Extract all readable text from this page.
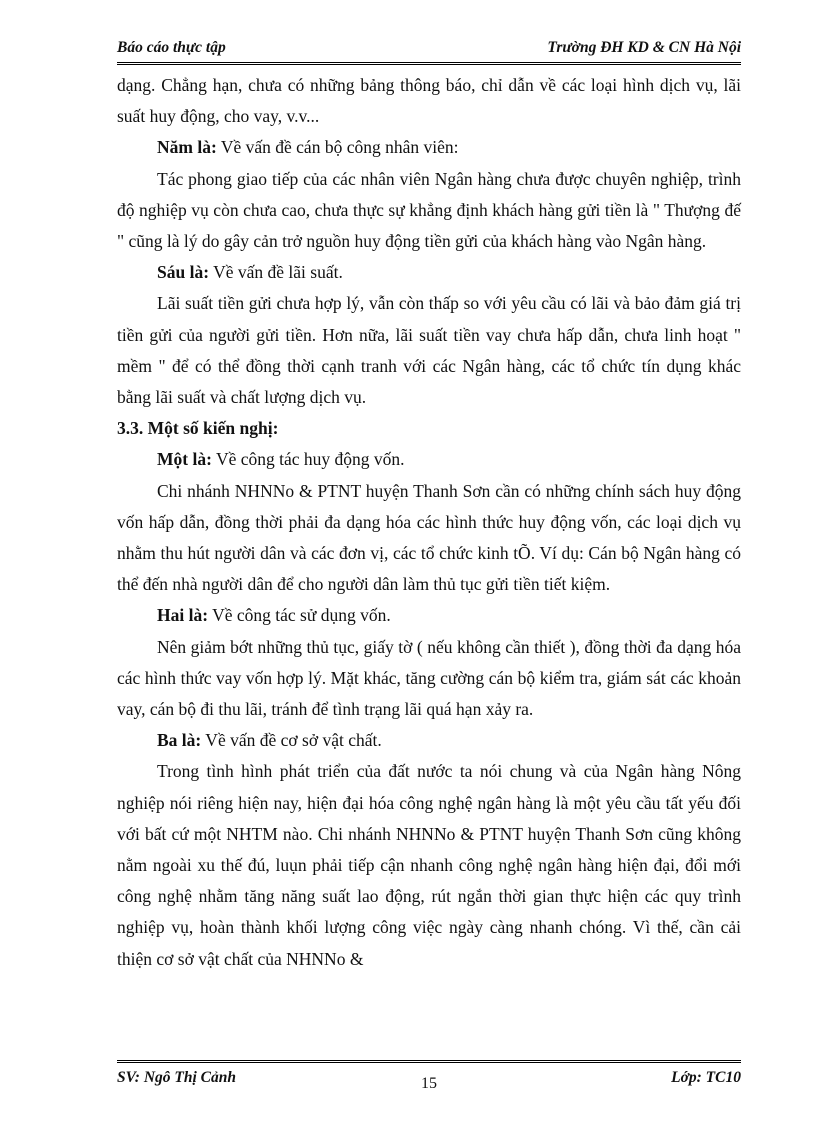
Báo cáo thực tập	Trường ĐH KD & CN Hà Nội

dạng. Chẳng hạn, chưa có những bảng thông báo, chỉ dẫn về các loại hình dịch vụ, lãi suất huy động, cho vay, v.v...

Năm là: Về vấn đề cán bộ công nhân viên:

Tác phong giao tiếp của các nhân viên Ngân hàng chưa được chuyên nghiệp, trình độ nghiệp vụ còn chưa cao, chưa thực sự khẳng định khách hàng gửi tiền là " Thượng đế " cũng là lý do gây cản trở nguồn huy động tiền gửi của khách hàng vào Ngân hàng.

Sáu là: Về vấn đề lãi suất.

Lãi suất tiền gửi chưa hợp lý, vẫn còn thấp so với yêu cầu có lãi và bảo đảm giá trị tiền gửi của người gửi tiền. Hơn nữa, lãi suất tiền vay chưa hấp dẫn, chưa linh hoạt " mềm " để có thể đồng thời cạnh tranh với các Ngân hàng, các tổ chức tín dụng khác bằng lãi suất và chất lượng dịch vụ.

3.3. Một số kiến nghị:

Một là: Về công tác huy động vốn.

Chi nhánh NHNNo & PTNT huyện Thanh Sơn cần có những chính sách huy động vốn hấp dẫn, đồng thời phải đa dạng hóa các hình thức huy động vốn, các loại dịch vụ nhằm thu hút người dân và các đơn vị, các tổ chức kinh tÕ. Ví dụ: Cán bộ Ngân hàng có thể đến nhà người dân để cho người dân làm thủ tục gửi tiền tiết kiệm.

Hai là: Về công tác sử dụng vốn.

Nên giảm bớt những thủ tục, giấy tờ ( nếu không cần thiết ), đồng thời đa dạng hóa các hình thức vay vốn hợp lý. Mặt khác, tăng cường cán bộ kiểm tra, giám sát các khoản vay, cán bộ đi thu lãi, tránh để tình trạng lãi quá hạn xảy ra.

Ba là: Về vấn đề cơ sở vật chất.

Trong tình hình phát triển của đất nước ta nói chung và của Ngân hàng Nông nghiệp nói riêng hiện nay, hiện đại hóa công nghệ ngân hàng là một yêu cầu tất yếu đối với bất cứ một NHTM nào. Chi nhánh NHNNo & PTNT huyện Thanh Sơn cũng không nằm ngoài xu thế đú, luụn phải tiếp cận nhanh công nghệ ngân hàng hiện đại, đổi mới công nghệ nhằm tăng năng suất lao động, rút ngắn thời gian thực hiện các quy trình nghiệp vụ, hoàn thành khối lượng công việc ngày càng nhanh chóng. Vì thế, cần cải thiện cơ sở vật chất của NHNNo &

SV: Ngô Thị Cảnh	15	Lớp: TC10
